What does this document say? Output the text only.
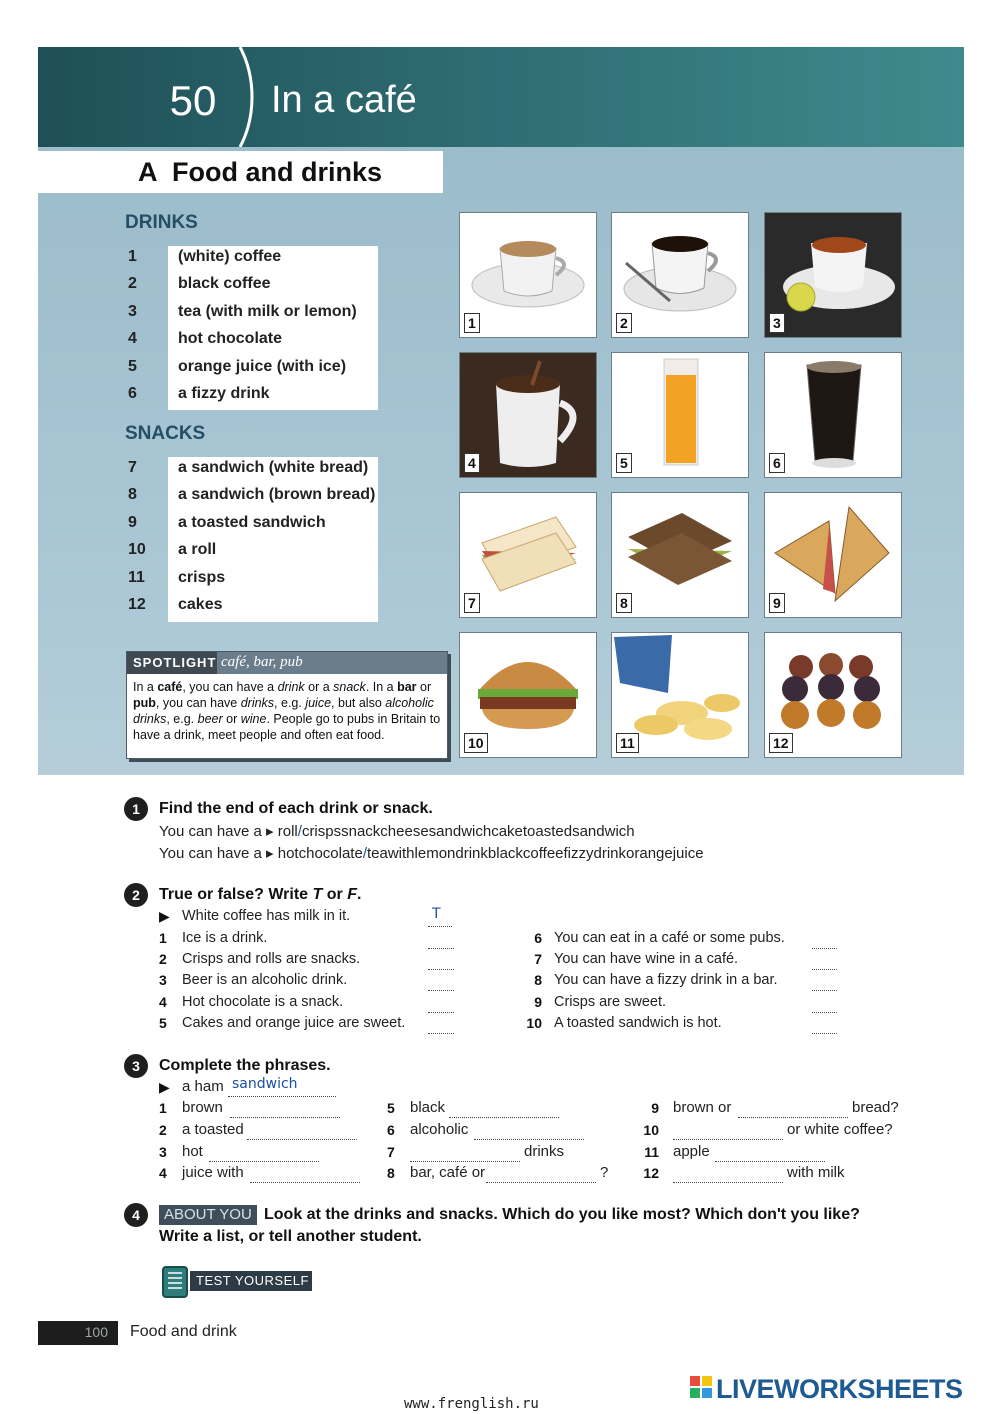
50	In a café
A Food and drinks
DRINKS
1	(white) coffee
2	black coffee
3	tea (with milk or lemon)
4	hot chocolate
5	orange juice (with ice)
6	a fizzy drink
SNACKS
7	a sandwich (white bread)
8	a sandwich (brown bread)
9	a toasted sandwich
10	a roll
11	crisps
12	cakes
1	2	3
4	5	6
7	8	9
10	11	12
SPOTLIGHT café, bar, pub
In a café, you can have a drink or a snack. In a bar or pub, you can have drinks, e.g. juice, but also alcoholic drinks, e.g. beer or wine. People go to pubs in Britain to have a drink, meet people and often eat food.
1	Find the end of each drink or snack.
You can have a ▸ roll/crispssnackcheesesandwichcaketoastedsandwich
You can have a ▸ hotchocolate/teawithlemondrinkblackcoffeefizzydrinkorangejuice
2	True or false? Write T or F.
▶ White coffee has milk in it.	T
1 Ice is a drink.
2 Crisps and rolls are snacks.
3 Beer is an alcoholic drink.
4 Hot chocolate is a snack.
5 Cakes and orange juice are sweet.
6 You can eat in a café or some pubs.
7 You can have wine in a café.
8 You can have a fizzy drink in a bar.
9 Crisps are sweet.
10 A toasted sandwich is hot.
3	Complete the phrases.
▶ a ham sandwich
1 brown
2 a toasted
3 hot
4 juice with
5 black
6 alcoholic
7	drinks
8 bar, café or	?
9 brown or	bread?
10	or white coffee?
11 apple
12	with milk
4	ABOUT YOU Look at the drinks and snacks. Which do you like most? Which don't you like?
Write a list, or tell another student.
TEST YOURSELF
100 Food and drink
www.frenglish.ru	LIVEWORKSHEETS
